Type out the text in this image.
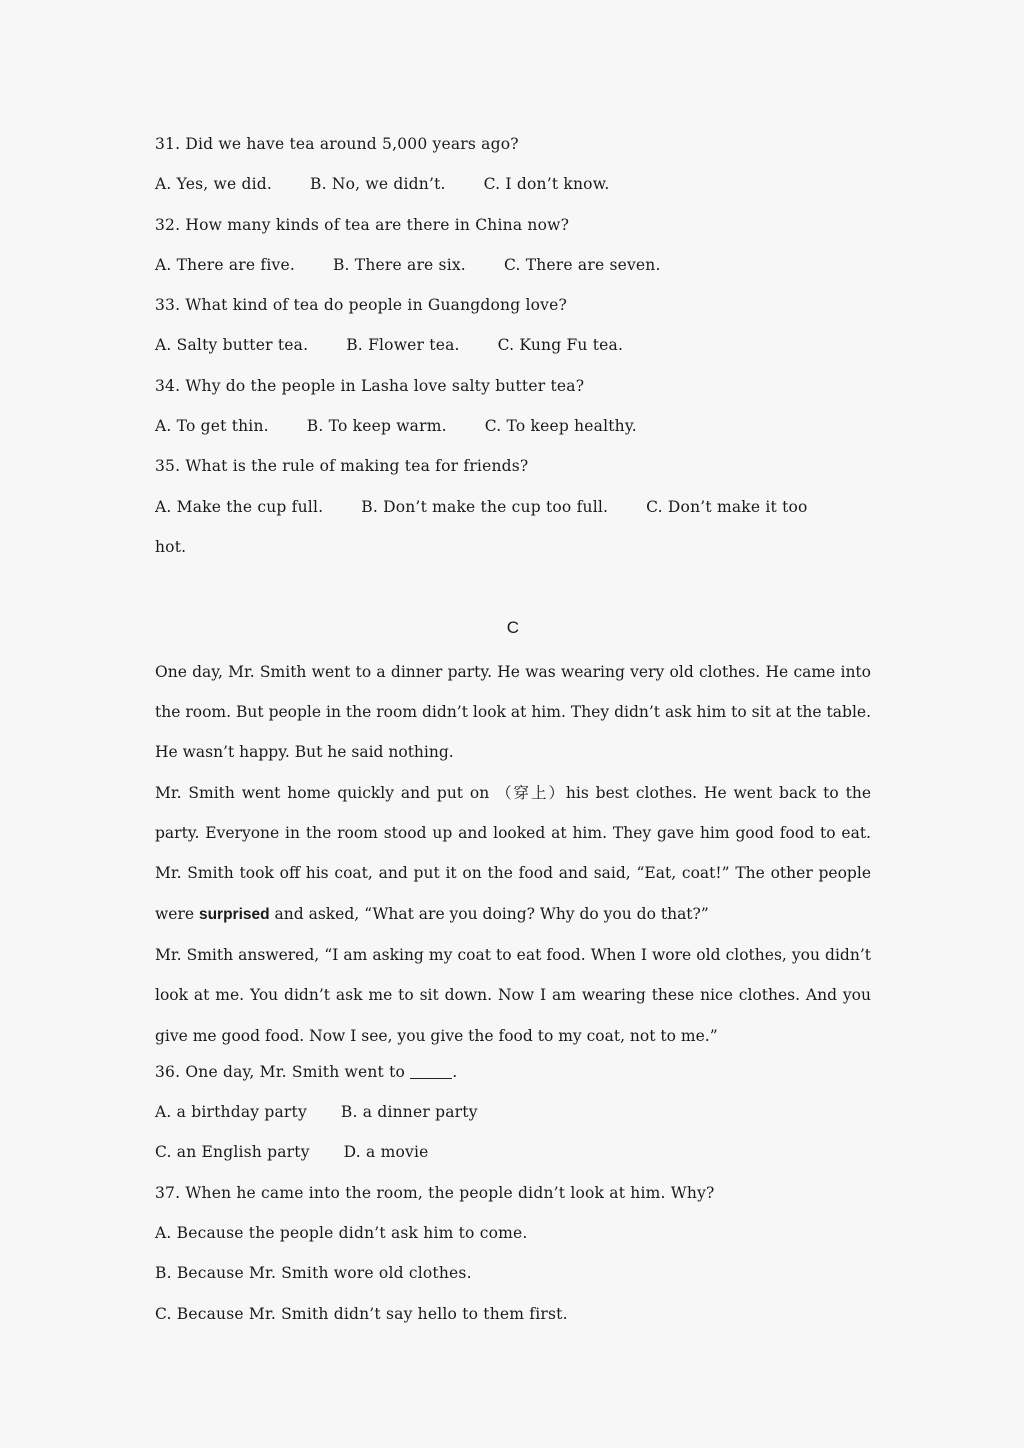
31. Did we have tea around 5,000 years ago?
A. Yes, we did. B. No, we didn’t. C. I don’t know.
32. How many kinds of tea are there in China now?
A. There are five. B. There are six. C. There are seven.
33. What kind of tea do people in Guangdong love?
A. Salty butter tea. B. Flower tea. C. Kung Fu tea.
34. Why do the people in Lasha love salty butter tea?
A. To get thin. B. To keep warm. C. To keep healthy.
35. What is the rule of making tea for friends?
A. Make the cup full. B. Don’t make the cup too full. C. Don’t make it too
hot.
C
One day, Mr. Smith went to a dinner party. He was wearing very old clothes. He came into the room. But people in the room didn’t look at him. They didn’t ask him to sit at the table. He wasn’t happy. But he said nothing.
Mr. Smith went home quickly and put on （穿上）his best clothes. He went back to the party. Everyone in the room stood up and looked at him. They gave him good food to eat. Mr. Smith took off his coat, and put it on the food and said, “Eat, coat!” The other people were surprised and asked, “What are you doing? Why do you do that?”
Mr. Smith answered, “I am asking my coat to eat food. When I wore old clothes, you didn’t look at me. You didn’t ask me to sit down. Now I am wearing these nice clothes. And you give me good food. Now I see, you give the food to my coat, not to me.”
36. One day, Mr. Smith went to	.
A. a birthday party B. a dinner party
C. an English party D. a movie
37. When he came into the room, the people didn’t look at him. Why?
A. Because the people didn’t ask him to come.
B. Because Mr. Smith wore old clothes.
C. Because Mr. Smith didn’t say hello to them first.
